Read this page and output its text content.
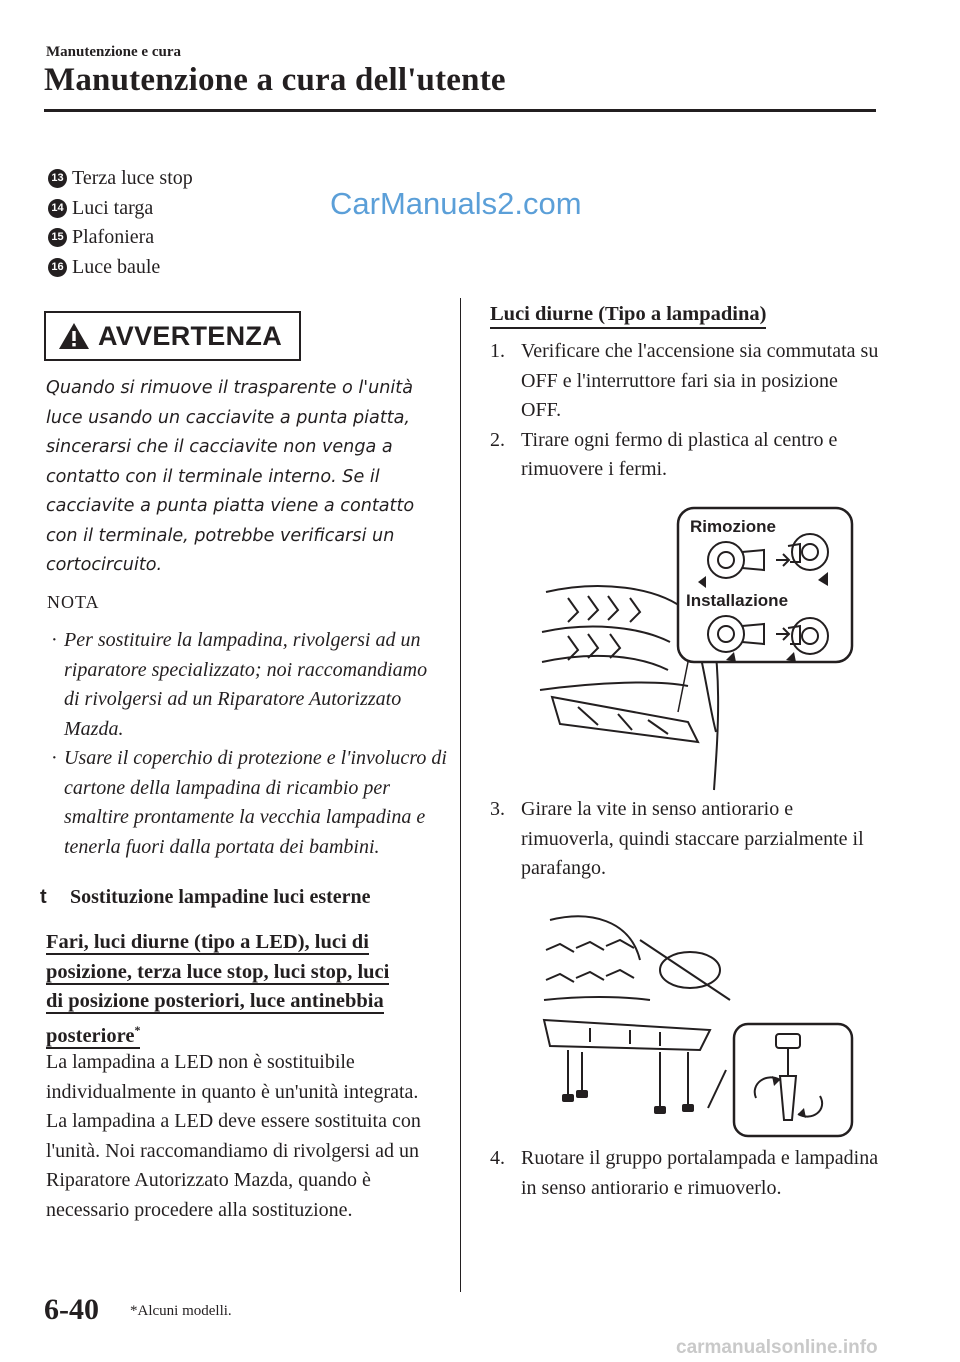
Manutenzione e cura
Manutenzione a cura dell'utente
13 Terza luce stop
14 Luci targa
15 Plafoniera
16 Luce baule
CarManuals2.com
AVVERTENZA

Quando si rimuove il trasparente o l'unità luce usando un cacciavite a punta piatta, sincerarsi che il cacciavite non venga a contatto con il terminale interno. Se il cacciavite a punta piatta viene a contatto con il terminale, potrebbe verificarsi un cortocircuito.

NOTA
· Per sostituire la lampadina, rivolgersi ad un riparatore specializzato; noi raccomandiamo di rivolgersi ad un Riparatore Autorizzato Mazda.
· Usare il coperchio di protezione e l'involucro di cartone della lampadina di ricambio per smaltire prontamente la vecchia lampadina e tenerla fuori dalla portata dei bambini.
t Sostituzione lampadine luci esterne

Fari, luci diurne (tipo a LED), luci di
posizione, terza luce stop, luci stop, luci
di posizione posteriori, luce antinebbia
posteriore*

La lampadina a LED non è sostituibile individualmente in quanto è un'unità integrata.
La lampadina a LED deve essere sostituita con l'unità. Noi raccomandiamo di rivolgersi ad un Riparatore Autorizzato Mazda, quando è necessario procedere alla sostituzione.
Luci diurne (Tipo a lampadina)
1. Verificare che l'accensione sia commutata su OFF e l'interruttore fari sia in posizione OFF.
2. Tirare ogni fermo di plastica al centro e rimuovere i fermi.
Rimozione
Installazione
3. Girare la vite in senso antiorario e rimuoverla, quindi staccare parzialmente il parafango.
4. Ruotare il gruppo portalampada e lampadina in senso antiorario e rimuoverlo.
6-40 *Alcuni modelli.
carmanualsonline.info
